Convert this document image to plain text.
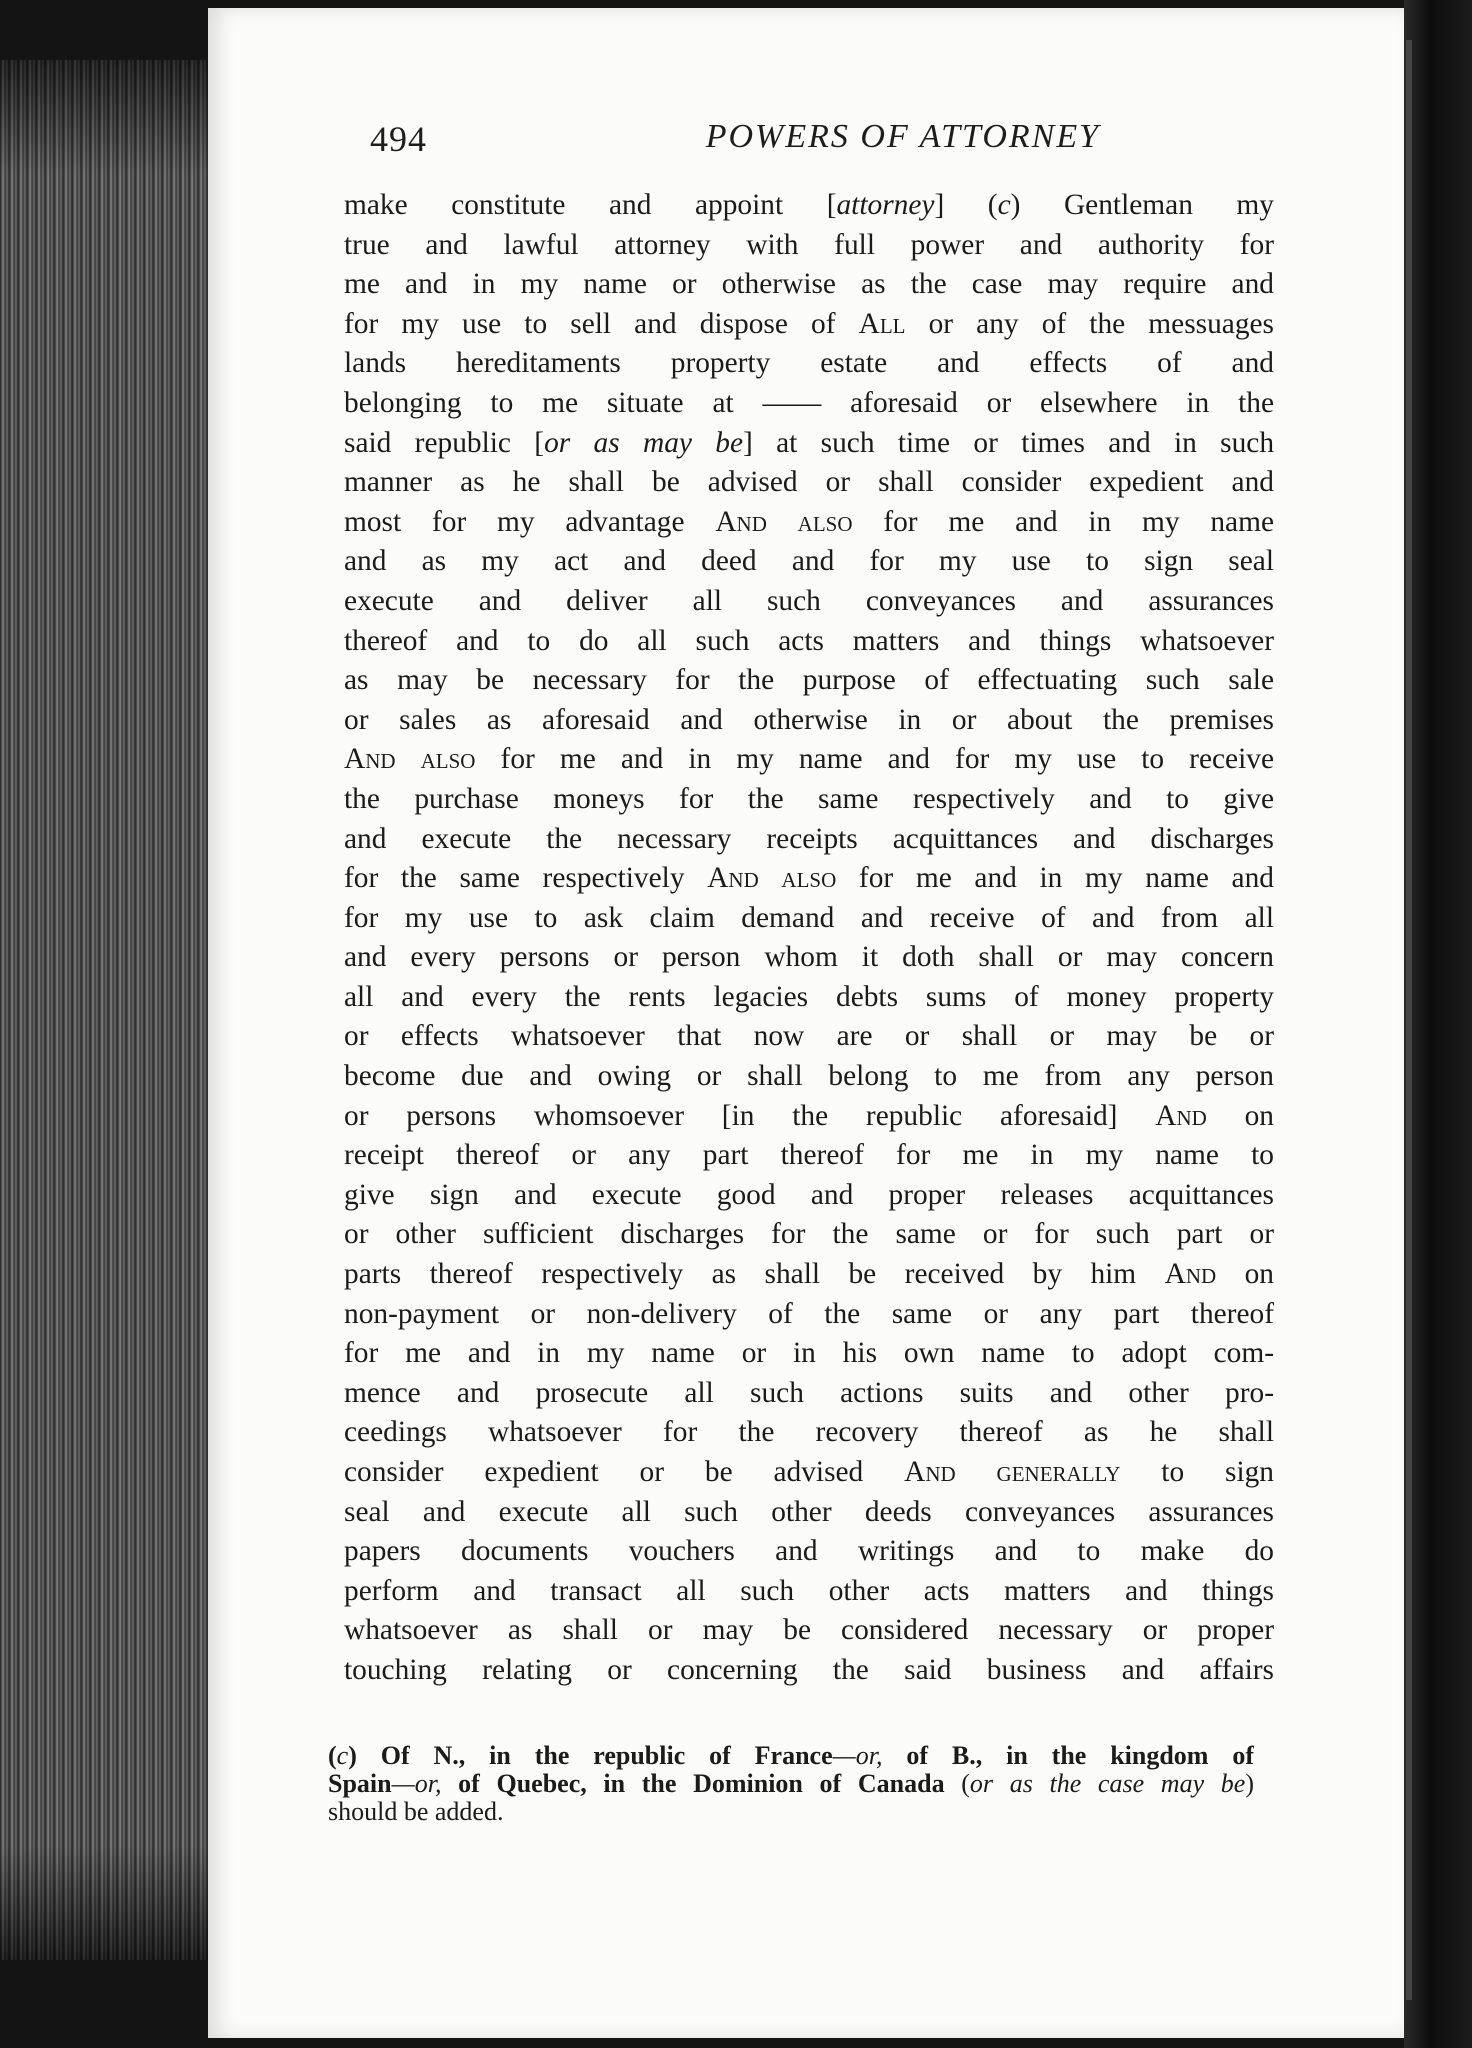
494	POWERS OF ATTORNEY
make constitute and appoint [attorney] (c) Gentleman my
true and lawful attorney with full power and authority for
me and in my name or otherwise as the case may require and
for my use to sell and dispose of All or any of the messuages
lands hereditaments property estate and effects of and
belonging to me situate at —— aforesaid or elsewhere in the
said republic [or as may be] at such time or times and in such
manner as he shall be advised or shall consider expedient and
most for my advantage And also for me and in my name
and as my act and deed and for my use to sign seal
execute and deliver all such conveyances and assurances
thereof and to do all such acts matters and things whatsoever
as may be necessary for the purpose of effectuating such sale
or sales as aforesaid and otherwise in or about the premises
And also for me and in my name and for my use to receive
the purchase moneys for the same respectively and to give
and execute the necessary receipts acquittances and discharges
for the same respectively And also for me and in my name and
for my use to ask claim demand and receive of and from all
and every persons or person whom it doth shall or may concern
all and every the rents legacies debts sums of money property
or effects whatsoever that now are or shall or may be or
become due and owing or shall belong to me from any person
or persons whomsoever [in the republic aforesaid] And on
receipt thereof or any part thereof for me in my name to
give sign and execute good and proper releases acquittances
or other sufficient discharges for the same or for such part or
parts thereof respectively as shall be received by him And on
non-payment or non-delivery of the same or any part thereof
for me and in my name or in his own name to adopt com-
mence and prosecute all such actions suits and other pro-
ceedings whatsoever for the recovery thereof as he shall
consider expedient or be advised And generally to sign
seal and execute all such other deeds conveyances assurances
papers documents vouchers and writings and to make do
perform and transact all such other acts matters and things
whatsoever as shall or may be considered necessary or proper
touching relating or concerning the said business and affairs
(c) Of N., in the republic of France—or, of B., in the kingdom of
Spain—or, of Quebec, in the Dominion of Canada (or as the case may be)
should be added.
